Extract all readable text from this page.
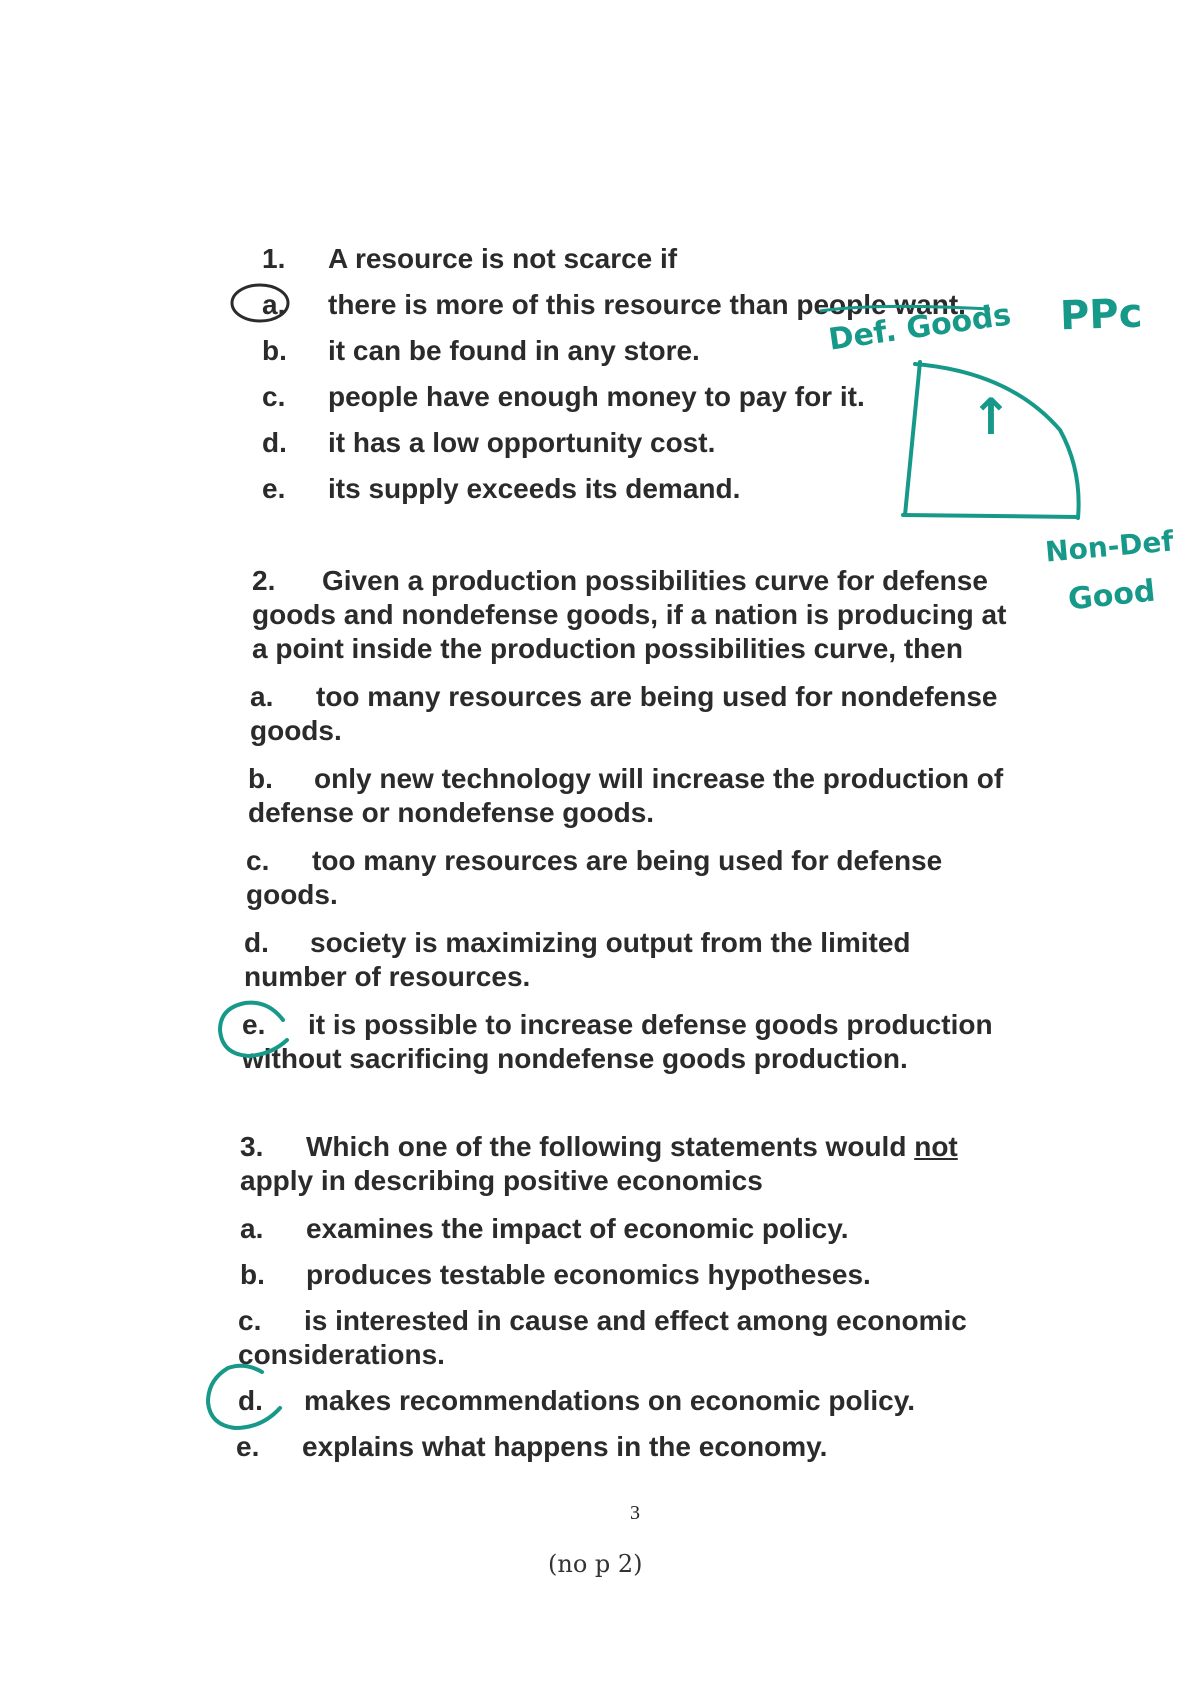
1. A resource is not scarce if
a. there is more of this resource than people want.
b. it can be found in any store.
c. people have enough money to pay for it.
d. it has a low opportunity cost.
e. its supply exceeds its demand.
2. Given a production possibilities curve for defense
goods and nondefense goods, if a nation is producing at
a point inside the production possibilities curve, then
a. too many resources are being used for nondefense
goods.
b. only new technology will increase the production of
defense or nondefense goods.
c. too many resources are being used for defense
goods.
d. society is maximizing output from the limited
number of resources.
e. it is possible to increase defense goods production
without sacrificing nondefense goods production.
3. Which one of the following statements would not
apply in describing positive economics
a. examines the impact of economic policy.
b. produces testable economics hypotheses.
c. is interested in cause and effect among economic
considerations.
d. makes recommendations on economic policy.
e. explains what happens in the economy.
PPc
Def. Goods
↑
Non-Def
Good
3
(no p 2)
